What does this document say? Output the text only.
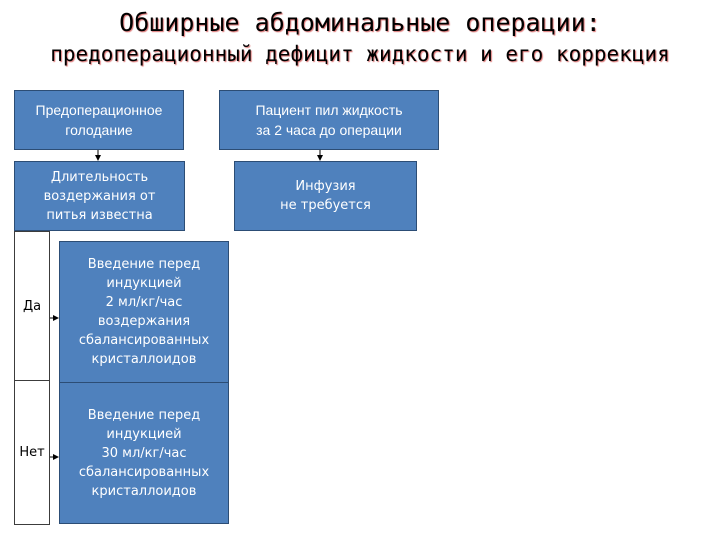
Обширные абдоминальные операции:
предоперационный дефицит жидкости и его коррекция
Предоперационное
голодание
Пациент пил жидкость
за 2 часа до операции
Длительность
воздержания от
питья известна
Инфузия
не требуется
Да
Нет
Введение перед
индукцией
2 мл/кг/час
воздержания
сбалансированных
кристаллоидов
Введение перед
индукцией
30 мл/кг/час
сбалансированных
кристаллоидов
